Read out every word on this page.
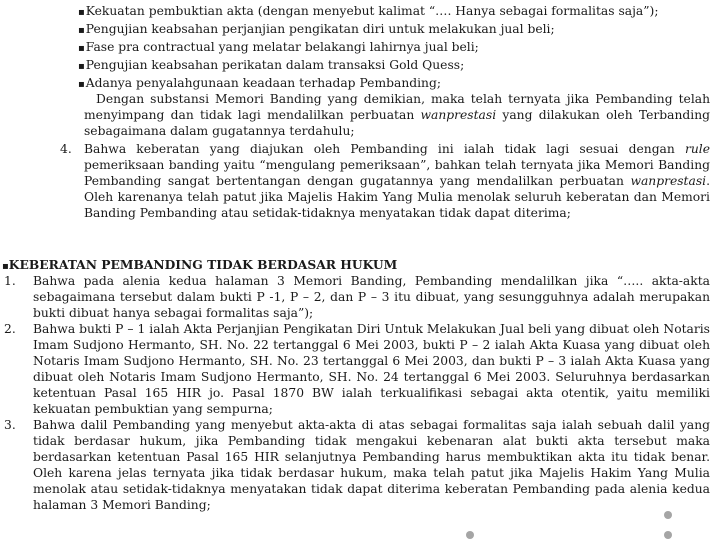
▪ Kekuatan pembuktian akta (dengan menyebut kalimat “…. Hanya sebagai formalitas saja”);
▪ Pengujian keabsahan perjanjian pengikatan diri untuk melakukan jual beli;
▪ Fase pra contractual yang melatar belakangi lahirnya jual beli;
▪ Pengujian keabsahan perikatan dalam transaksi Gold Quess;
▪ Adanya penyalahgunaan keadaan terhadap Pembanding;

Dengan substansi Memori Banding yang demikian, maka telah ternyata jika Pembanding telah menyimpang dan tidak lagi mendalilkan perbuatan wanprestasi yang dilakukan oleh Terbanding sebagaimana dalam gugatannya terdahulu;

4. Bahwa keberatan yang diajukan oleh Pembanding ini ialah tidak lagi sesuai dengan rule pemeriksaan banding yaitu “mengulang pemeriksaan”, bahkan telah ternyata jika Memori Banding Pembanding sangat bertentangan dengan gugatannya yang mendalilkan perbuatan wanprestasi. Oleh karenanya telah patut jika Majelis Hakim Yang Mulia menolak seluruh keberatan dan Memori Banding Pembanding atau setidak-tidaknya menyatakan tidak dapat diterima;

▪KEBERATAN PEMBANDING TIDAK BERDASAR HUKUM

1. Bahwa pada alenia kedua halaman 3 Memori Banding, Pembanding mendalilkan jika “….. akta-akta sebagaimana tersebut dalam bukti P -1, P – 2, dan P – 3 itu dibuat, yang sesungguhnya adalah merupakan bukti dibuat hanya sebagai formalitas saja”);
2. Bahwa bukti P – 1 ialah Akta Perjanjian Pengikatan Diri Untuk Melakukan Jual beli yang dibuat oleh Notaris Imam Sudjono Hermanto, SH. No. 22 tertanggal 6 Mei 2003, bukti P – 2 ialah Akta Kuasa yang dibuat oleh Notaris Imam Sudjono Hermanto, SH. No. 23 tertanggal 6 Mei 2003, dan bukti P – 3 ialah Akta Kuasa yang dibuat oleh Notaris Imam Sudjono Hermanto, SH. No. 24 tertanggal 6 Mei 2003. Seluruhnya berdasarkan ketentuan Pasal 165 HIR jo. Pasal 1870 BW ialah terkualifikasi sebagai akta otentik, yaitu memiliki kekuatan pembuktian yang sempurna;
3. Bahwa dalil Pembanding yang menyebut akta-akta di atas sebagai formalitas saja ialah sebuah dalil yang tidak berdasar hukum, jika Pembanding tidak mengakui kebenaran alat bukti akta tersebut maka berdasarkan ketentuan Pasal 165 HIR selanjutnya Pembanding harus membuktikan akta itu tidak benar. Oleh karena jelas ternyata jika tidak berdasar hukum, maka telah patut jika Majelis Hakim Yang Mulia menolak atau setidak-tidaknya menyatakan tidak dapat diterima keberatan Pembanding pada alenia kedua halaman 3 Memori Banding;
